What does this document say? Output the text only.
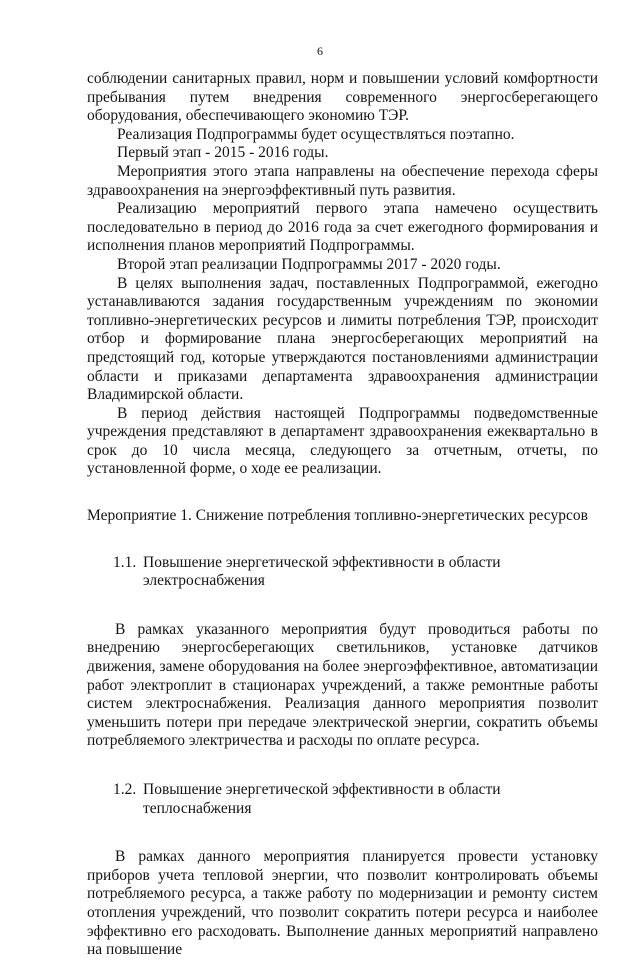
6

соблюдении санитарных правил, норм и повышении условий комфортности пребывания путем внедрения современного энергосберегающего оборудования, обеспечивающего экономию ТЭР.

Реализация Подпрограммы будет осуществляться поэтапно.

Первый этап - 2015 - 2016 годы.

Мероприятия этого этапа направлены на обеспечение перехода сферы здравоохранения на энергоэффективный путь развития.

Реализацию мероприятий первого этапа намечено осуществить последовательно в период до 2016 года за счет ежегодного формирования и исполнения планов мероприятий Подпрограммы.

Второй этап реализации Подпрограммы 2017 - 2020 годы.

В целях выполнения задач, поставленных Подпрограммой, ежегодно устанавливаются задания государственным учреждениям по экономии топливно-энергетических ресурсов и лимиты потребления ТЭР, происходит отбор и формирование плана энергосберегающих мероприятий на предстоящий год, которые утверждаются постановлениями администрации области и приказами департамента здравоохранения администрации Владимирской области.

В период действия настоящей Подпрограммы подведомственные учреждения представляют в департамент здравоохранения ежеквартально в срок до 10 числа месяца, следующего за отчетным, отчеты, по установленной форме, о ходе ее реализации.

Мероприятие 1. Снижение потребления топливно-энергетических ресурсов

1.1. Повышение энергетической эффективности в области электроснабжения

В рамках указанного мероприятия будут проводиться работы по внедрению энергосберегающих светильников, установке датчиков движения, замене оборудования на более энергоэффективное, автоматизации работ электроплит в стационарах учреждений, а также ремонтные работы систем электроснабжения. Реализация данного мероприятия позволит уменьшить потери при передаче электрической энергии, сократить объемы потребляемого электричества и расходы по оплате ресурса.

1.2. Повышение энергетической эффективности в области теплоснабжения

В рамках данного мероприятия планируется провести установку приборов учета тепловой энергии, что позволит контролировать объемы потребляемого ресурса, а также работу по модернизации и ремонту систем отопления учреждений, что позволит сократить потери ресурса и наиболее эффективно его расходовать. Выполнение данных мероприятий направлено на повышение
